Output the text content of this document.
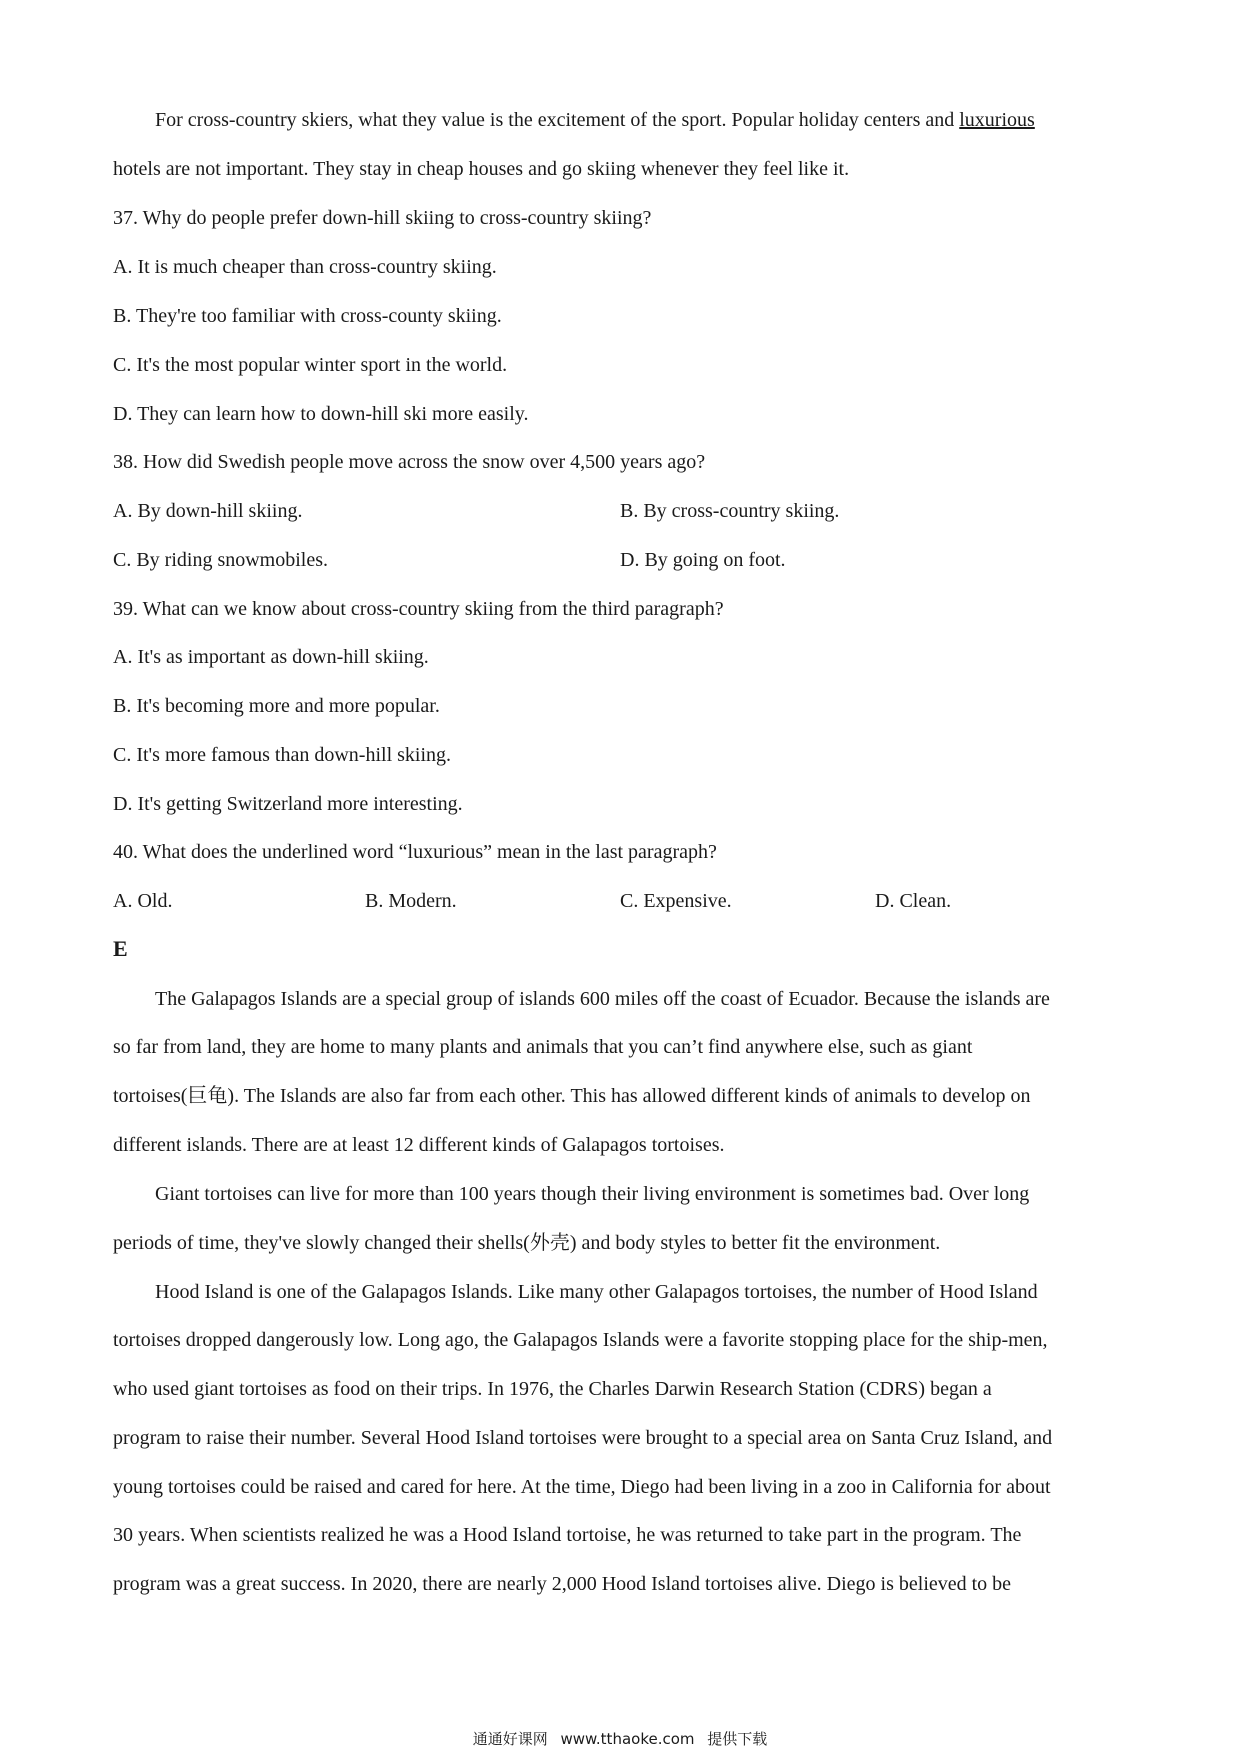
For cross-country skiers, what they value is the excitement of the sport. Popular holiday centers and luxurious
hotels are not important. They stay in cheap houses and go skiing whenever they feel like it.
37. Why do people prefer down-hill skiing to cross-country skiing?
A. It is much cheaper than cross-country skiing.
B. They're too familiar with cross-county skiing.
C. It's the most popular winter sport in the world.
D. They can learn how to down-hill ski more easily.
38. How did Swedish people move across the snow over 4,500 years ago?
A. By down-hill skiing.	B. By cross-country skiing.
C. By riding snowmobiles.	D. By going on foot.
39. What can we know about cross-country skiing from the third paragraph?
A. It's as important as down-hill skiing.
B. It's becoming more and more popular.
C. It's more famous than down-hill skiing.
D. It's getting Switzerland more interesting.
40. What does the underlined word “luxurious” mean in the last paragraph?
A. Old.	B. Modern.	C. Expensive.	D. Clean.
E
The Galapagos Islands are a special group of islands 600 miles off the coast of Ecuador. Because the islands are
so far from land, they are home to many plants and animals that you can’t find anywhere else, such as giant
tortoises(巨龟). The Islands are also far from each other. This has allowed different kinds of animals to develop on
different islands. There are at least 12 different kinds of Galapagos tortoises.
Giant tortoises can live for more than 100 years though their living environment is sometimes bad. Over long
periods of time, they've slowly changed their shells(外壳) and body styles to better fit the environment.
Hood Island is one of the Galapagos Islands. Like many other Galapagos tortoises, the number of Hood Island
tortoises dropped dangerously low. Long ago, the Galapagos Islands were a favorite stopping place for the ship-men,
who used giant tortoises as food on their trips. In 1976, the Charles Darwin Research Station (CDRS) began a
program to raise their number. Several Hood Island tortoises were brought to a special area on Santa Cruz Island, and
young tortoises could be raised and cared for here. At the time, Diego had been living in a zoo in California for about
30 years. When scientists realized he was a Hood Island tortoise, he was returned to take part in the program. The
program was a great success. In 2020, there are nearly 2,000 Hood Island tortoises alive. Diego is believed to be
通通好课网 www.tthaoke.com 提供下载
